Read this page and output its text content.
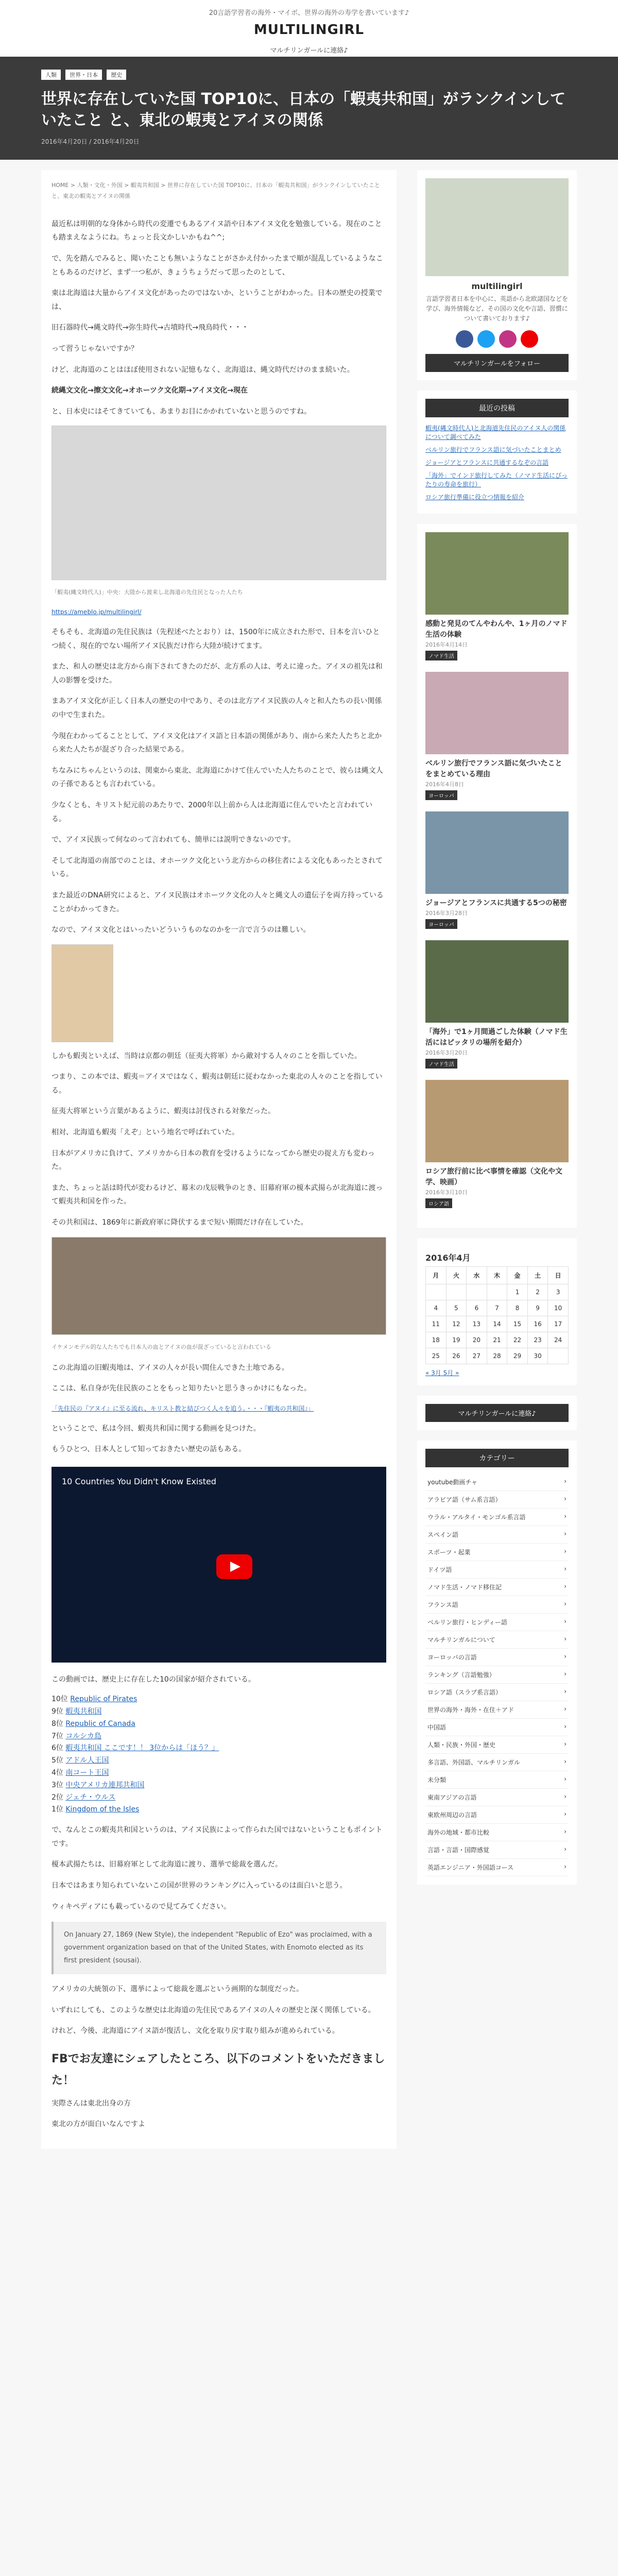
20言語学習者の海外・マイボ、世界の海外の寿学を書いています♪
MULTILINGIRL
マルチリンガールに連絡♪
人類 世界・日本 歴史
世界に存在していた国 TOP10に、日本の「蝦夷共和国」がランクインしていたこと と、東北の蝦夷とアイヌの関係
2016年4月20日 / 2016年4月20日
HOME > 人類・文化・外国 > 蝦夷共和国 > 世界に存在していた国 TOP10に、日本の「蝦夷共和国」がランクインしていたこと と、東北の蝦夷とアイヌの関係

最近私は明朝的な身体から時代の変遷でもあるアイヌ語や日本アイヌ文化を勉強している。現在のことも踏まえなようにね。ちょっと長文かしいかもね^^;

で、先を踏んでみると、聞いたことも無いようなことがさかえ付かったまで順が混乱しているようなこともあるのだけど、まず一つ私が、きょうちょうだって思ったのとして、

東は北海道は大量からアイヌ文化があったのではないか、ということがわかった。日本の歴史の授業では、

旧石器時代→縄文時代→弥生時代→古墳時代→飛鳥時代・・・

って習うじゃないですか？

けど、北海道のことはほぼ使用されない記憶もなく、北海道は、縄文時代だけのまま続いた。

続縄文文化→擦文文化→オホーツク文化期→アイヌ文化→現在

と、日本史にはそてきていても、あまりお目にかかれていないと思うのですね。

「蝦夷(縄文時代人)」中央：大陸から渡来し北海道の先住民となった人たち
https://ameblo.jp/multilingirl/

そもそも、北海道の先住民族は（先程述べたとおり）は、1500年に成立された形で、日本を言いひとつ続く、現在的でない場所アイヌ民族だけ作ら大陸が続けてます。

また、和人の歴史は北方から南下されてきたのだが、北方系の人は、考えに違った。アイヌの祖先は和人の影響を受けた。

まあアイヌ文化が正しく日本人の歴史の中であり、そのは北方アイヌ民族の人々と和人たちの長い関係の中で生まれた。

今現在わかってることとして、アイヌ文化はアイヌ語と日本語の関係があり、南から来た人たちと北から来た人たちが混ざり合った結果である。

ちなみにちゃんというのは、関東から東北、北海道にかけて住んでいた人たちのことで、彼らは縄文人の子孫であるとも言われている。

少なくとも、キリスト紀元前のあたりで、2000年以上前から人は北海道に住んでいたと言われている。

で、アイヌ民族って何なのって言われても、簡単には説明できないのです。

そして北海道の南部でのことは、オホーツク文化という北方からの移住者による文化もあったとされている。

また最近のDNA研究によると、アイヌ民族はオホーツク文化の人々と縄文人の遺伝子を両方持っていることがわかってきた。

なので、アイヌ文化とはいったいどういうものなのかを一言で言うのは難しい。

しかも蝦夷といえば、当時は京都の朝廷（征夷大将軍）から敵対する人々のことを指していた。

つまり、この本では、蝦夷＝アイヌではなく、蝦夷は朝廷に従わなかった東北の人々のことを指している。

征夷大将軍という言葉があるように、蝦夷は討伐される対象だった。

相対、北海道も蝦夷「えぞ」という地名で呼ばれていた。

日本がアメリカに負けて、アメリカから日本の教育を受けるようになってから歴史の捉え方も変わった。

また、ちょっと話は時代が変わるけど、幕末の戊辰戦争のとき、旧幕府軍の榎本武揚らが北海道に渡って蝦夷共和国を作った。

その共和国は、1869年に新政府軍に降伏するまで短い期間だけ存在していた。

イケメンモデル的な人たちでも日本人の血とアイヌの血が混ざっていると言われている

この北海道の旧蝦夷地は、アイヌの人々が長い間住んできた土地である。

ここは、私自身が先住民族のことをもっと知りたいと思うきっかけにもなった。

「先住民の『アヌイ』に至る流れ、キリスト教と結びつく人々を追う。・・・『蝦夷の共和国』」

ということで、私は今回、蝦夷共和国に関する動画を見つけた。

もうひとつ、日本人として知っておきたい歴史の話もある。

10 Countries You Didn't Know Existed

この動画では、歴史上に存在した10の国家が紹介されている。

10位 Republic of Pirates
9位 蝦夷共和国
8位 Republic of Canada
7位 コルシカ島
6位 蝦夷共和国 ここです！！ 3位からは「ほう？」
5位 アドル人王国
4位 南コート王国
3位 中央アメリカ連邦共和国
2位 ジェチ・ウルス
1位 Kingdom of the Isles

で、なんとこの蝦夷共和国というのは、アイヌ民族によって作られた国ではないということもポイントです。

榎本武揚たちは、旧幕府軍として北海道に渡り、選挙で総裁を選んだ。

日本ではあまり知られていないこの国が世界のランキングに入っているのは面白いと思う。

ウィキペディアにも載っているので見てみてください。

On January 27, 1869 (New Style), the independent "Republic of Ezo" was proclaimed, with a government organization based on that of the United States, with Enomoto elected as its first president (sousai).

アメリカの大統領の下、選挙によって総裁を選ぶという画期的な制度だった。

いずれにしても、このような歴史は北海道の先住民であるアイヌの人々の歴史と深く関係している。

けれど、今後、北海道にアイヌ語が復活し、文化を取り戻す取り組みが進められている。

FBでお友達にシェアしたところ、以下のコメントをいただきました！

実際さんは東北出身の方

東北の方が面白いなんですよ

multilingirl
言語学習者日本を中心に、英語から北欧諸国などを学び、海外情報など、その国の文化や言語、習慣について書いております♪
マルチリンガールをフォロー
最近の投稿
蝦夷(縄文時代人)と北海道先住民のアイヌ人の関係について調べてみた
ベルリン旅行でフランス語に気づいたことまとめ
ジョージアとフランスに共通するなぞの言語
「海外」でインド旅行してみた（ノマド生活にぴったりの寿命を旅行）
ロシア旅行準備に役立つ情報を紹介
感動と発見のてんやわんや、1ヶ月のノマド生活の体験
2016年4月14日
ノマド生活
ベルリン旅行でフランス語に気づいたことをまとめている理由
2016年4月8日
ヨーロッパ
ジョージアとフランスに共通する5つの秘密
2016年3月28日
ヨーロッパ
「海外」で1ヶ月間過ごした体験（ノマド生活にはピッタリの場所を紹介）
2016年3月20日
ノマド生活
ロシア旅行前に比べ事情を確認（文化や文学、映画）
2016年3月10日
ロシア語
2016年4月
月	火	水	木	金	土	日
				1	2	3
4	5	6	7	8	9	10
11	12	13	14	15	16	17
18	19	20	21	22	23	24
25	26	27	28	29	30	
« 3月 5月 »
マルチリンガールに連絡♪
カテゴリー
youtube動画チャ	›
アラビア語（サム系言語）	›
ウラル・アルタイ・モンゴル系言語	›
スペイン語	›
スポーツ・起業	›
ドイツ語	›
ノマド生活・ノマド移住記	›
フランス語	›
ベルリン旅行・ヒンディー語	›
マルチリンガルについて	›
ヨーロッパの言語	›
ランキング（言語勉強）	›
ロシア語（スラブ系言語）	›
世界の海外・海外・在住＋アド	›
中国語	›
人類・民族・外国・歴史	›
多言語、外国語、マルチリンガル	›
未分類	›
東南アジアの言語	›
東欧州周辺の言語	›
海外の地域・都市比較	›
言語・言語・国際感覚	›
英語エンジニア・外国語コース	›
